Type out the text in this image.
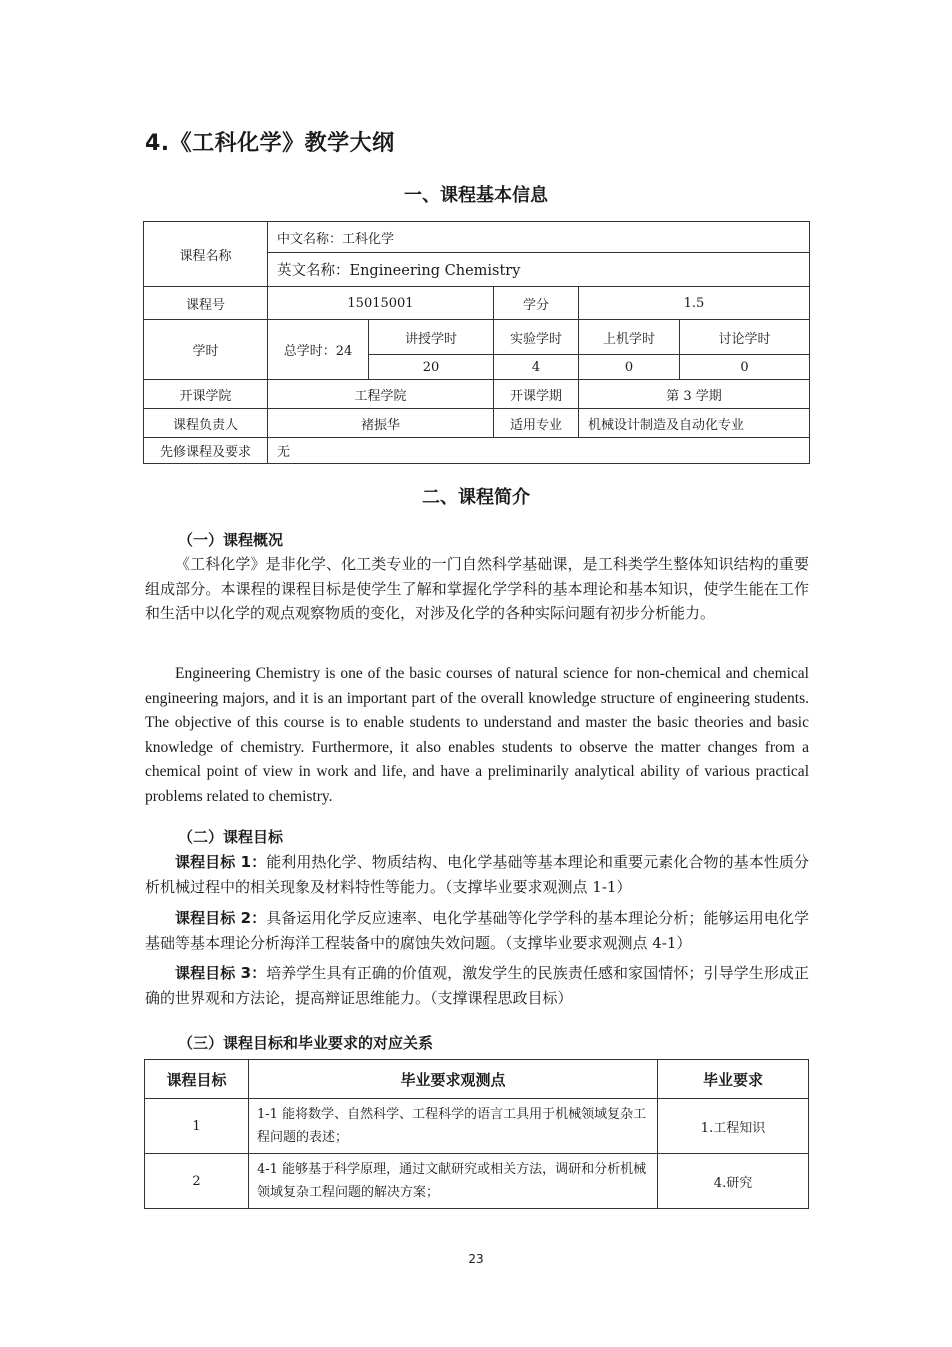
4.《工科化学》教学大纲
一、课程基本信息
课程名称	中文名称：工科化学				
	英文名称：Engineering Chemistry				
课程号	15015001		学分	1.5	
学时	总学时：24	讲授学时	实验学时	上机学时	讨论学时
		20	4	0	0
开课学院	工程学院		开课学期	第 3 学期	
课程负责人	褚振华		适用专业	机械设计制造及自动化专业	
先修课程及要求	无				
二、课程简介
（一）课程概况

《工科化学》是非化学、化工类专业的一门自然科学基础课，是工科类学生整体知识结构的重要组成部分。本课程的课程目标是使学生了解和掌握化学学科的基本理论和基本知识，使学生能在工作和生活中以化学的观点观察物质的变化，对涉及化学的各种实际问题有初步分析能力。

Engineering Chemistry is one of the basic courses of natural science for non-chemical and chemical engineering majors, and it is an important part of the overall knowledge structure of engineering students. The objective of this course is to enable students to understand and master the basic theories and basic knowledge of chemistry. Furthermore, it also enables students to observe the matter changes from a chemical point of view in work and life, and have a preliminarily analytical ability of various practical problems related to chemistry.

（二）课程目标

课程目标 1：能利用热化学、物质结构、电化学基础等基本理论和重要元素化合物的基本性质分析机械过程中的相关现象及材料特性等能力。（支撑毕业要求观测点 1-1）

课程目标 2：具备运用化学反应速率、电化学基础等化学学科的基本理论分析；能够运用电化学基础等基本理论分析海洋工程装备中的腐蚀失效问题。（支撑毕业要求观测点 4-1）

课程目标 3：培养学生具有正确的价值观，激发学生的民族责任感和家国情怀；引导学生形成正确的世界观和方法论，提高辩证思维能力。（支撑课程思政目标）

（三）课程目标和毕业要求的对应关系
课程目标	毕业要求观测点	毕业要求
1	1-1 能将数学、自然科学、工程科学的语言工具用于机械领域复杂工程问题的表述；	1.工程知识
2	4-1 能够基于科学原理，通过文献研究或相关方法，调研和分析机械领域复杂工程问题的解决方案；	4.研究
23
